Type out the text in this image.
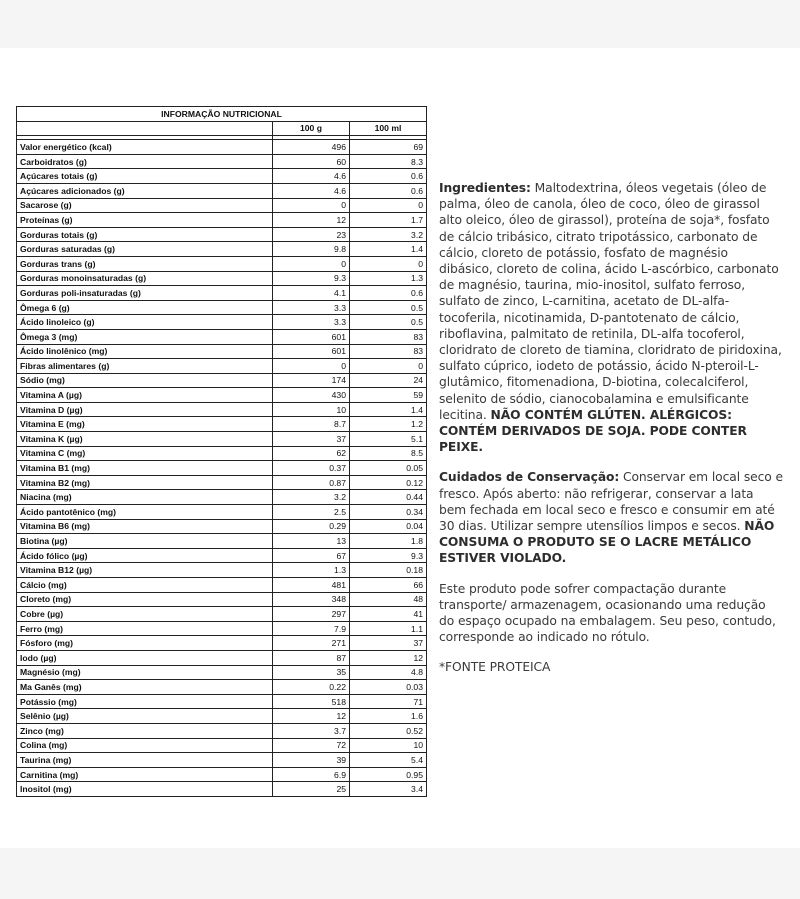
INFORMAÇÃO NUTRICIONAL		
	100 g	100 ml

Valor energético (kcal)	496	69
Carboidratos (g)	60	8.3
Açúcares totais (g)	4.6	0.6
Açúcares adicionados (g)	4.6	0.6
Sacarose (g)	0	0
Proteínas (g)	12	1.7
Gorduras totais (g)	23	3.2
Gorduras saturadas (g)	9.8	1.4
Gorduras trans (g)	0	0
Gorduras monoinsaturadas (g)	9.3	1.3
Gorduras poli-insaturadas (g)	4.1	0.6
Ômega 6 (g)	3.3	0.5
Ácido linoleico (g)	3.3	0.5
Ômega 3 (mg)	601	83
Ácido linolênico (mg)	601	83
Fibras alimentares (g)	0	0
Sódio (mg)	174	24
Vitamina A (µg)	430	59
Vitamina D (µg)	10	1.4
Vitamina E (mg)	8.7	1.2
Vitamina K (µg)	37	5.1
Vitamina C (mg)	62	8.5
Vitamina B1 (mg)	0.37	0.05
Vitamina B2 (mg)	0.87	0.12
Niacina (mg)	3.2	0.44
Ácido pantotênico (mg)	2.5	0.34
Vitamina B6 (mg)	0.29	0.04
Biotina (µg)	13	1.8
Ácido fólico (µg)	67	9.3
Vitamina B12 (µg)	1.3	0.18
Cálcio (mg)	481	66
Cloreto (mg)	348	48
Cobre (µg)	297	41
Ferro (mg)	7.9	1.1
Fósforo (mg)	271	37
Iodo (µg)	87	12
Magnésio (mg)	35	4.8
Ma Ganês (mg)	0.22	0.03
Potássio (mg)	518	71
Selênio (µg)	12	1.6
Zinco (mg)	3.7	0.52
Colina (mg)	72	10
Taurina (mg)	39	5.4
Carnitina (mg)	6.9	0.95
Inositol (mg)	25	3.4

Ingredientes: Maltodextrina, óleos vegetais (óleo de palma, óleo de canola, óleo de coco, óleo de girassol alto oleico, óleo de girassol), proteína de soja*, fosfato de cálcio tribásico, citrato tripotássico, carbonato de cálcio, cloreto de potássio, fosfato de magnésio dibásico, cloreto de colina, ácido L-ascórbico, carbonato de magnésio, taurina, mio-inositol, sulfato ferroso, sulfato de zinco, L-carnitina, acetato de DL-alfa- tocoferila, nicotinamida, D-pantotenato de cálcio, riboflavina, palmitato de retinila, DL-alfa tocoferol, cloridrato de cloreto de tiamina, cloridrato de piridoxina, sulfato cúprico, iodeto de potássio, ácido N-pteroil-L-glutâmico, fitomenadiona, D-biotina, colecalciferol, selenito de sódio, cianocobalamina e emulsificante lecitina. NÃO CONTÉM GLÚTEN. ALÉRGICOS: CONTÉM DERIVADOS DE SOJA. PODE CONTER PEIXE.

Cuidados de Conservação: Conservar em local seco e fresco. Após aberto: não refrigerar, conservar a lata bem fechada em local seco e fresco e consumir em até 30 dias. Utilizar sempre utensílios limpos e secos. NÃO CONSUMA O PRODUTO SE O LACRE METÁLICO ESTIVER VIOLADO.

Este produto pode sofrer compactação durante transporte/ armazenagem, ocasionando uma redução do espaço ocupado na embalagem. Seu peso, contudo, corresponde ao indicado no rótulo.

*FONTE PROTEICA
